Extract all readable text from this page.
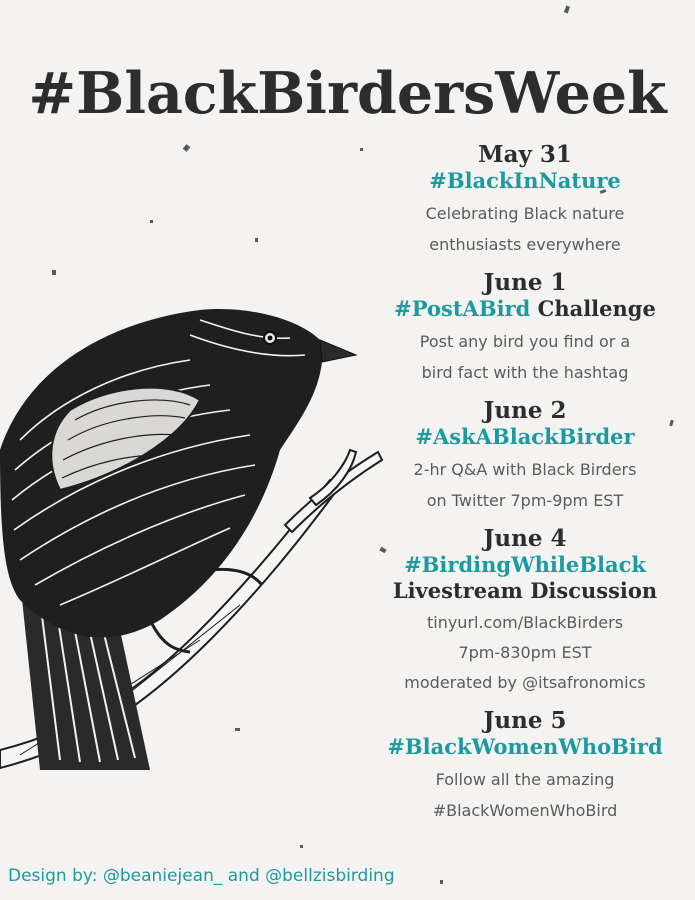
#BlackBirdersWeek
May 31
#BlackInNature
Celebrating Black nature
enthusiasts everywhere
June 1
#PostABird Challenge
Post any bird you find or a
bird fact with the hashtag
June 2
#AskABlackBirder
2-hr Q&A with Black Birders
on Twitter 7pm-9pm EST
June 4
#BirdingWhileBlack
Livestream Discussion
tinyurl.com/BlackBirders
7pm-830pm EST
moderated by @itsafronomics
June 5
#BlackWomenWhoBird
Follow all the amazing
#BlackWomenWhoBird
Design by: @beaniejean_ and @bellzisbirding
